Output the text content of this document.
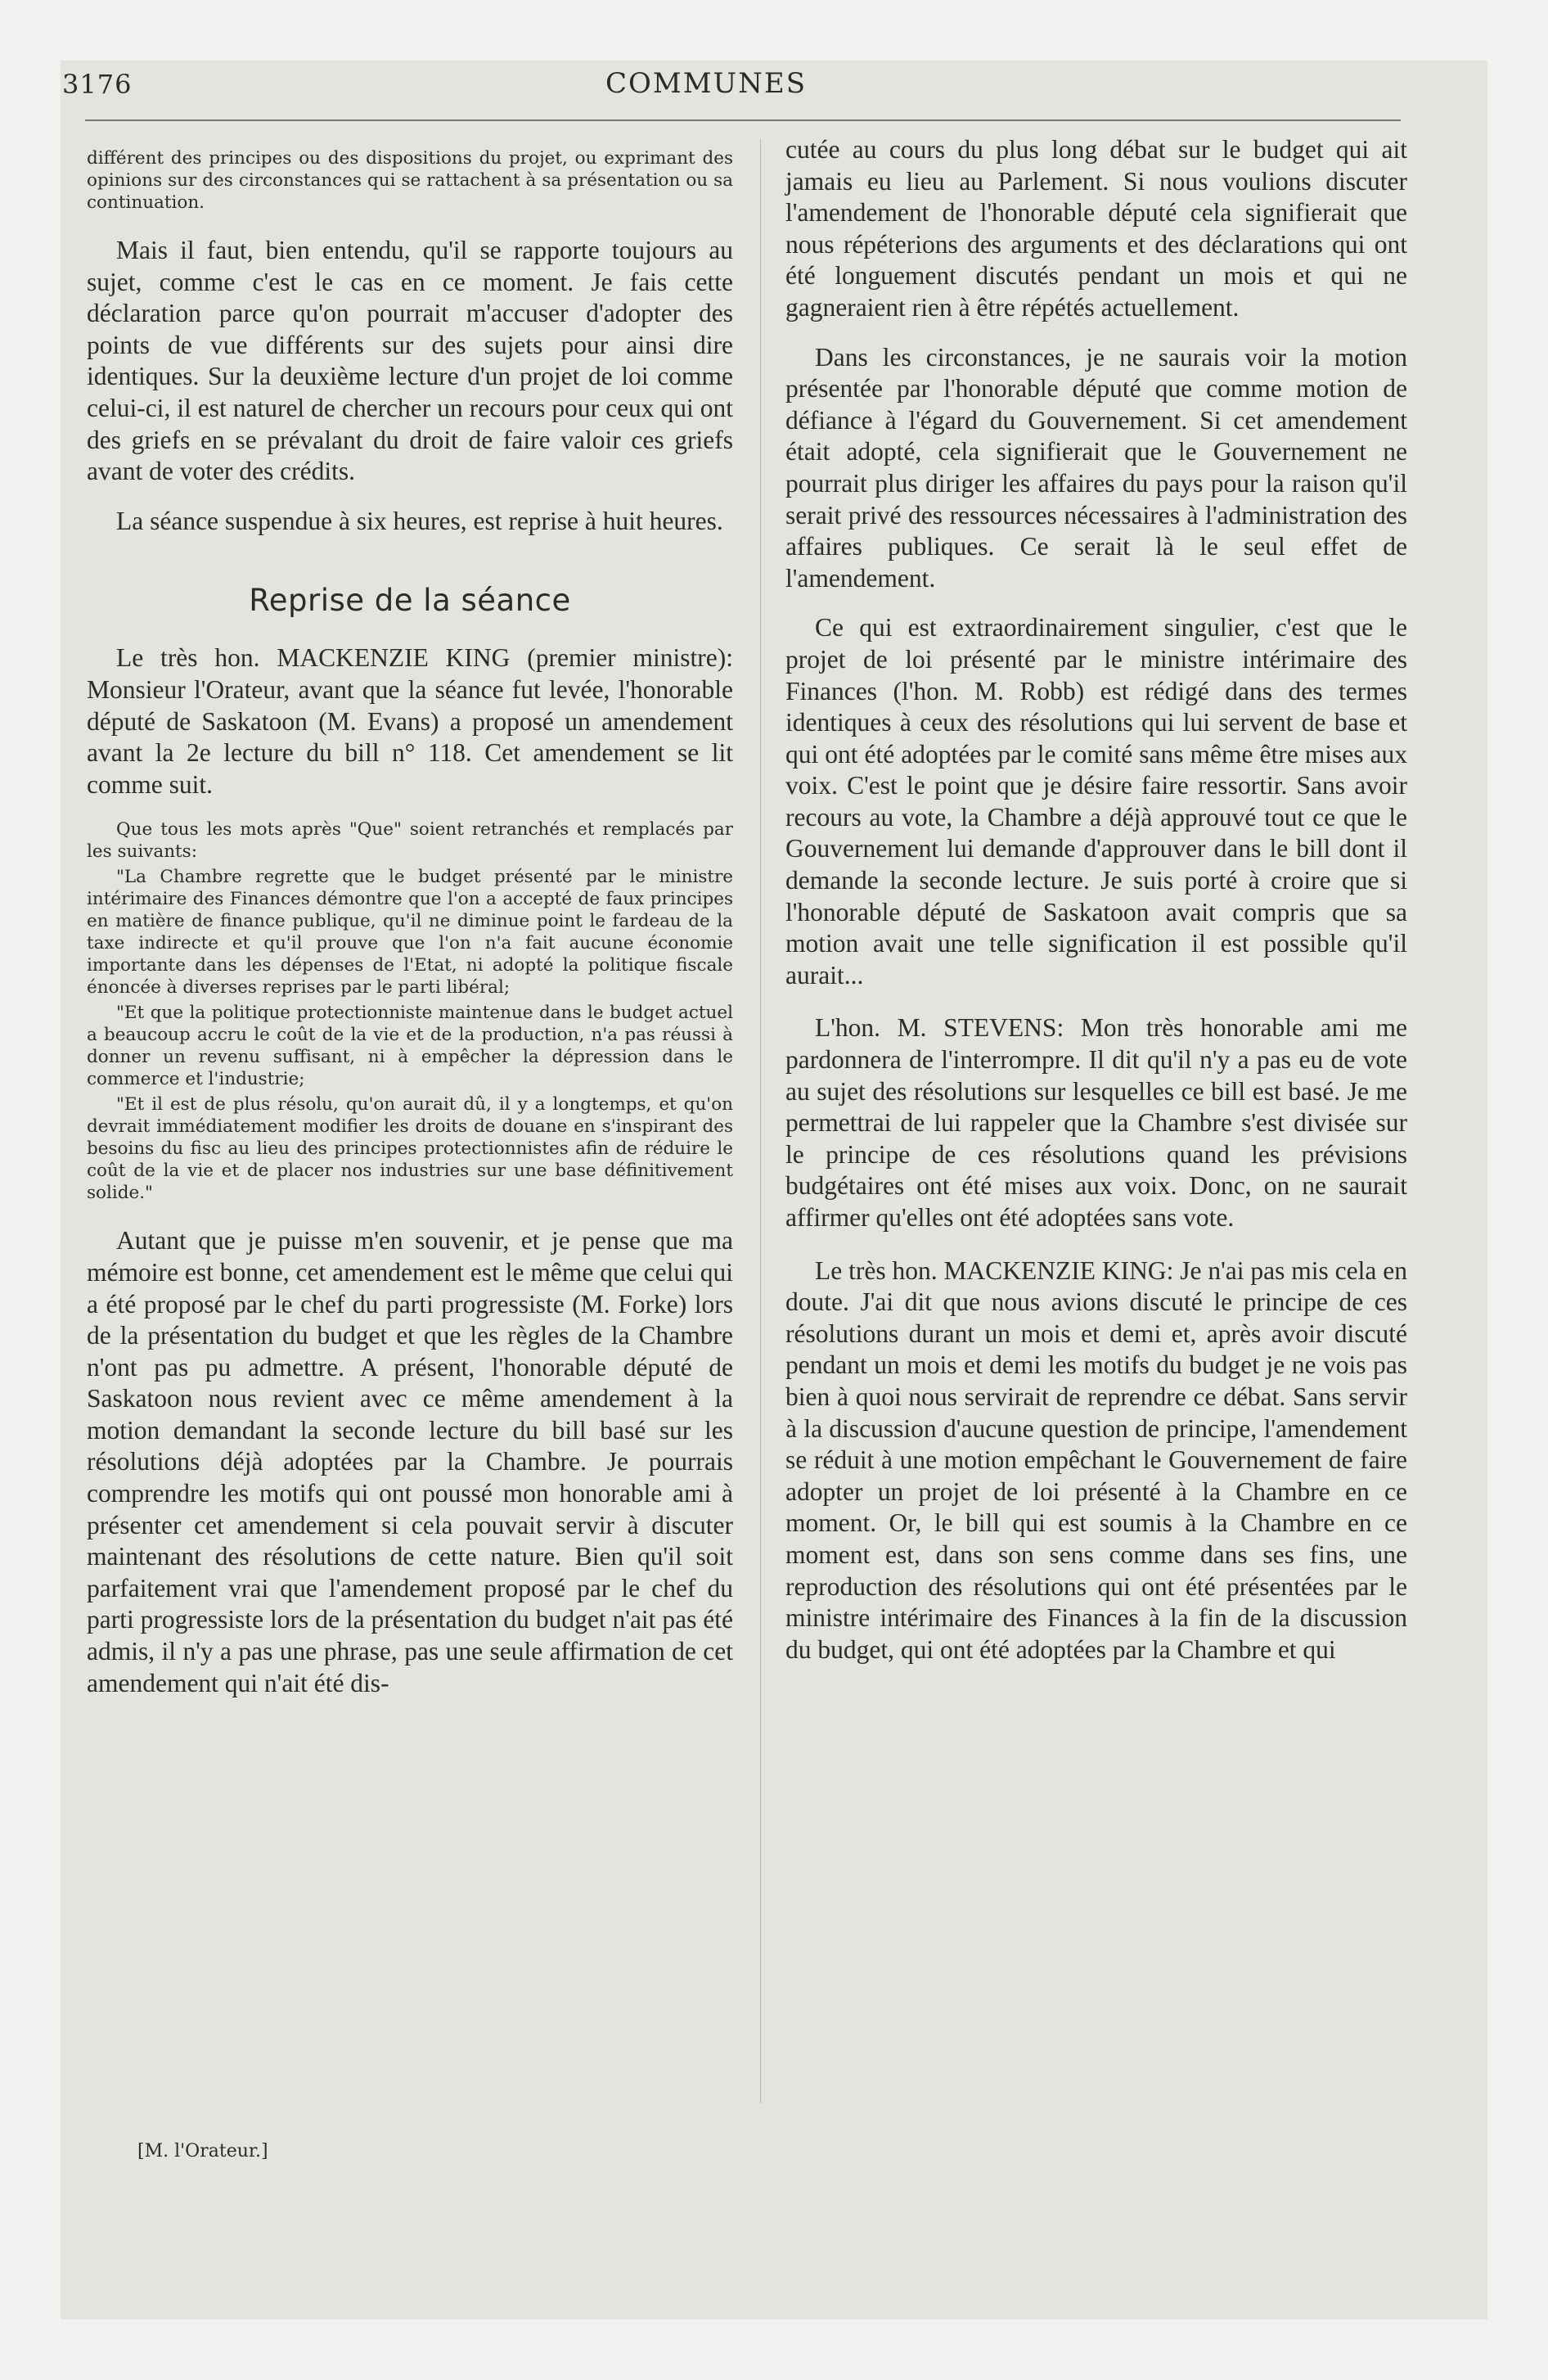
3176	COMMUNES

différent des principes ou des dispositions du projet, ou exprimant des opinions sur des circonstances qui se rattachent à sa présentation ou sa continuation.

Mais il faut, bien entendu, qu'il se rapporte toujours au sujet, comme c'est le cas en ce moment. Je fais cette déclaration parce qu'on pourrait m'accuser d'adopter des points de vue différents sur des sujets pour ainsi dire identiques. Sur la deuxième lecture d'un projet de loi comme celui-ci, il est naturel de chercher un recours pour ceux qui ont des griefs en se prévalant du droit de faire valoir ces griefs avant de voter des crédits.

La séance suspendue à six heures, est reprise à huit heures.

Reprise de la séance

Le très hon. MACKENZIE KING (premier ministre): Monsieur l'Orateur, avant que la séance fut levée, l'honorable député de Saskatoon (M. Evans) a proposé un amendement avant la 2e lecture du bill n° 118. Cet amendement se lit comme suit.

Que tous les mots après "Que" soient retranchés et remplacés par les suivants:

"La Chambre regrette que le budget présenté par le ministre intérimaire des Finances démontre que l'on a accepté de faux principes en matière de finance publique, qu'il ne diminue point le fardeau de la taxe indirecte et qu'il prouve que l'on n'a fait aucune économie importante dans les dépenses de l'Etat, ni adopté la politique fiscale énoncée à diverses reprises par le parti libéral;

"Et que la politique protectionniste maintenue dans le budget actuel a beaucoup accru le coût de la vie et de la production, n'a pas réussi à donner un revenu suffisant, ni à empêcher la dépression dans le commerce et l'industrie;

"Et il est de plus résolu, qu'on aurait dû, il y a longtemps, et qu'on devrait immédiatement modifier les droits de douane en s'inspirant des besoins du fisc au lieu des principes protectionnistes afin de réduire le coût de la vie et de placer nos industries sur une base définitivement solide."

Autant que je puisse m'en souvenir, et je pense que ma mémoire est bonne, cet amendement est le même que celui qui a été proposé par le chef du parti progressiste (M. Forke) lors de la présentation du budget et que les règles de la Chambre n'ont pas pu admettre. A présent, l'honorable député de Saskatoon nous revient avec ce même amendement à la motion demandant la seconde lecture du bill basé sur les résolutions déjà adoptées par la Chambre. Je pourrais comprendre les motifs qui ont poussé mon honorable ami à présenter cet amendement si cela pouvait servir à discuter maintenant des résolutions de cette nature. Bien qu'il soit parfaitement vrai que l'amendement proposé par le chef du parti progressiste lors de la présentation du budget n'ait pas été admis, il n'y a pas une phrase, pas une seule affirmation de cet amendement qui n'ait été dis-

cutée au cours du plus long débat sur le budget qui ait jamais eu lieu au Parlement. Si nous voulions discuter l'amendement de l'honorable député cela signifierait que nous répéterions des arguments et des déclarations qui ont été longuement discutés pendant un mois et qui ne gagneraient rien à être répétés actuellement.

Dans les circonstances, je ne saurais voir la motion présentée par l'honorable député que comme motion de défiance à l'égard du Gouvernement. Si cet amendement était adopté, cela signifierait que le Gouvernement ne pourrait plus diriger les affaires du pays pour la raison qu'il serait privé des ressources nécessaires à l'administration des affaires publiques. Ce serait là le seul effet de l'amendement.

Ce qui est extraordinairement singulier, c'est que le projet de loi présenté par le ministre intérimaire des Finances (l'hon. M. Robb) est rédigé dans des termes identiques à ceux des résolutions qui lui servent de base et qui ont été adoptées par le comité sans même être mises aux voix. C'est le point que je désire faire ressortir. Sans avoir recours au vote, la Chambre a déjà approuvé tout ce que le Gouvernement lui demande d'approuver dans le bill dont il demande la seconde lecture. Je suis porté à croire que si l'honorable député de Saskatoon avait compris que sa motion avait une telle signification il est possible qu'il aurait...

L'hon. M. STEVENS: Mon très honorable ami me pardonnera de l'interrompre. Il dit qu'il n'y a pas eu de vote au sujet des résolutions sur lesquelles ce bill est basé. Je me permettrai de lui rappeler que la Chambre s'est divisée sur le principe de ces résolutions quand les prévisions budgétaires ont été mises aux voix. Donc, on ne saurait affirmer qu'elles ont été adoptées sans vote.

Le très hon. MACKENZIE KING: Je n'ai pas mis cela en doute. J'ai dit que nous avions discuté le principe de ces résolutions durant un mois et demi et, après avoir discuté pendant un mois et demi les motifs du budget je ne vois pas bien à quoi nous servirait de reprendre ce débat. Sans servir à la discussion d'aucune question de principe, l'amendement se réduit à une motion empêchant le Gouvernement de faire adopter un projet de loi présenté à la Chambre en ce moment. Or, le bill qui est soumis à la Chambre en ce moment est, dans son sens comme dans ses fins, une reproduction des résolutions qui ont été présentées par le ministre intérimaire des Finances à la fin de la discussion du budget, qui ont été adoptées par la Chambre et qui

[M. l'Orateur.]
